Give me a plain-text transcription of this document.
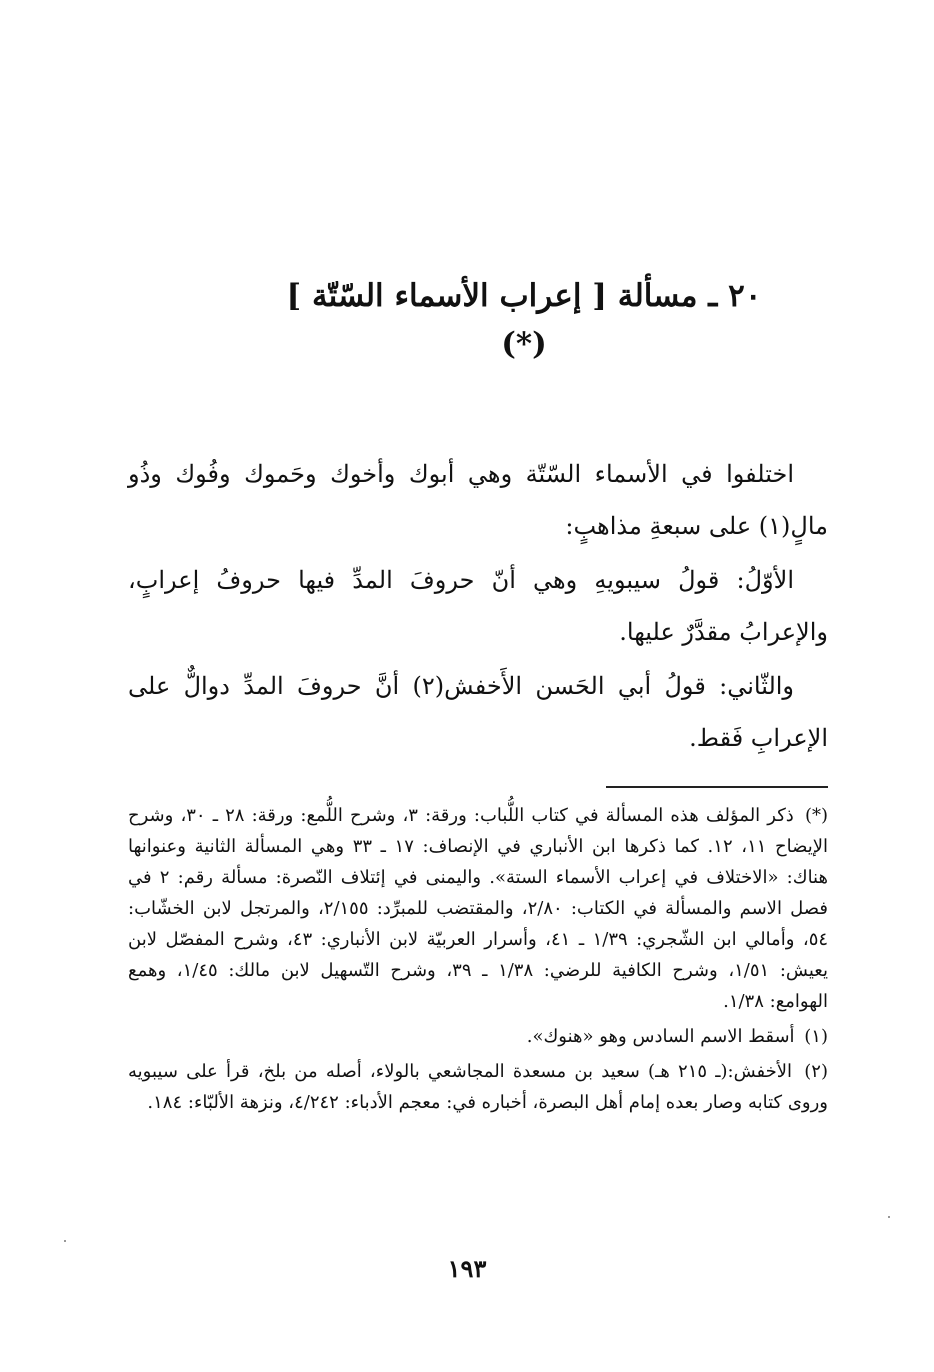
٢٠ ـ مسألة [ إعراب الأسماء السّتّة ](*)

اختلفوا في الأسماء السّتّة وهي أبوك وأخوك وحَموك وفُوك وذُو مالٍ(١) على سبعةِ مذاهبٍ:

الأوّلُ: قولُ سيبويهِ وهي أنّ حروفَ المدِّ فيها حروفُ إعرابٍ، والإعرابُ مقدَّرٌ عليها.

والثّاني: قولُ أبي الحَسن الأَخفش(٢) أنَّ حروفَ المدِّ دوالٌّ على الإعرابِ فَقط.

(*) ذكر المؤلف هذه المسألة في كتاب اللُّباب: ورقة: ٣، وشرح اللُّمع: ورقة: ٢٨ ـ ٣٠، وشرح الإيضاح ١١، ١٢. كما ذكرها ابن الأنباري في الإنصاف: ١٧ ـ ٣٣ وهي المسألة الثانية وعنوانها هناك: «الاختلاف في إعراب الأسماء الستة». واليمنى في إئتلاف النّصرة: مسألة رقم: ٢ في فصل الاسم والمسألة في الكتاب: ٢/٨٠، والمقتضب للمبرِّد: ٢/١٥٥، والمرتجل لابن الخشّاب: ٥٤، وأمالي ابن الشّجري: ١/٣٩ ـ ٤١، وأسرار العربيّة لابن الأنباري: ٤٣، وشرح المفصّل لابن يعيش: ١/٥١، وشرح الكافية للرضي: ١/٣٨ ـ ٣٩، وشرح التّسهيل لابن مالك: ١/٤٥، وهمع الهوامع: ١/٣٨.

(١) أسقط الاسم السادس وهو «هنوك».

(٢) الأخفش:(ـ ٢١٥ هـ) سعيد بن مسعدة المجاشعي بالولاء، أصله من بلخ، قرأ على سيبويه وروى كتابه وصار بعده إمام أهل البصرة، أخباره في: معجم الأدباء: ٤/٢٤٢، ونزهة الألبّاء: ١٨٤.

١٩٣
